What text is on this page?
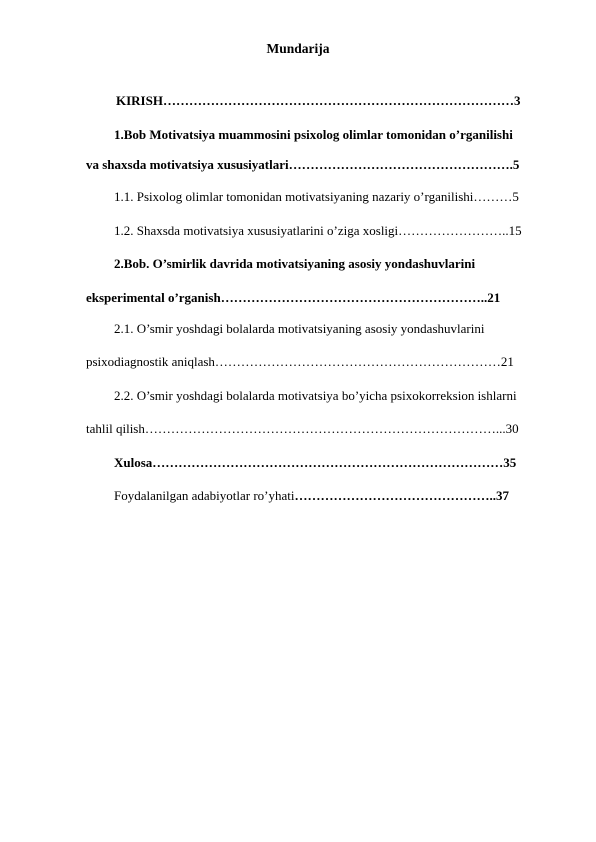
Mundarija
KIRISH………………………………………………………………………3
1.Bob Motivatsiya muammosini psixolog olimlar tomonidan o’rganilishi
va shaxsda motivatsiya xususiyatlari…………………………………………….5
1.1. Psixolog olimlar tomonidan motivatsiyaning nazariy o’rganilishi………5
1.2. Shaxsda motivatsiya xususiyatlarini o’ziga xosligi……………………..15
2.Bob. O’smirlik davrida motivatsiyaning asosiy yondashuvlarini
eksperimental o’rganish……………………………………………………..21
2.1. O’smir yoshdagi bolalarda motivatsiyaning asosiy yondashuvlarini
psixodiagnostik aniqlash…………………………………………………………21
2.2. O’smir yoshdagi bolalarda motivatsiya bo’yicha psixokorreksion ishlarni
tahlil qilish………………………………………………………………………...30
Xulosa………………………………………………………………………35
Foydalanilgan adabiyotlar ro’yhati………………………………………..37
